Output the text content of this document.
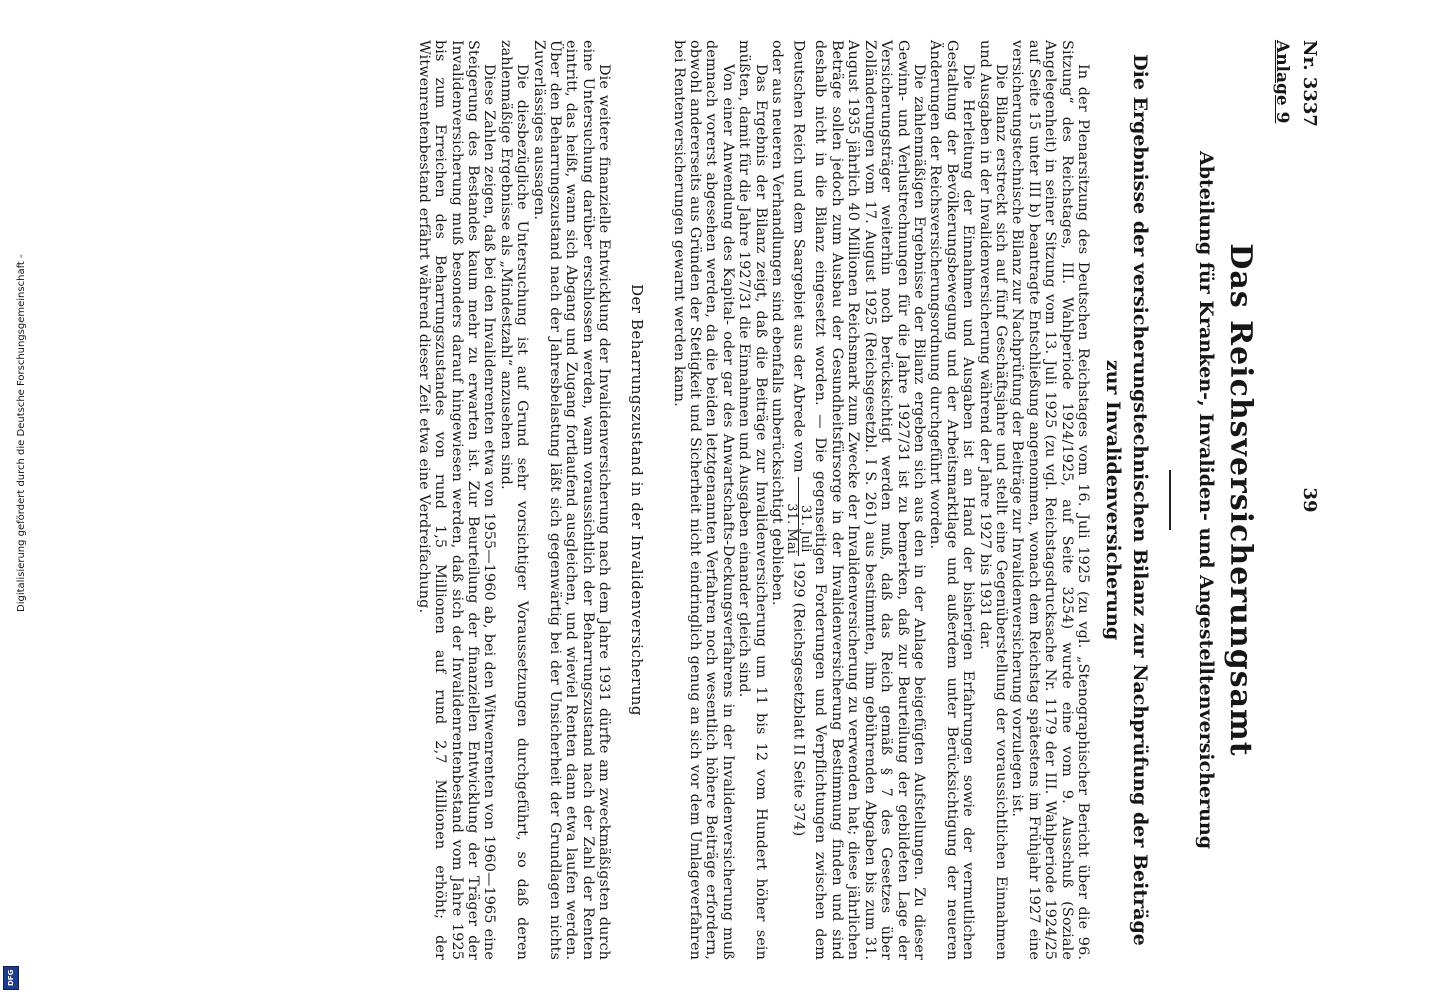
Nr. 3337
39
Anlage 9
Das Reichsversicherungsamt
Abteilung für Kranken-, Invaliden- und Angestelltenversicherung
Die Ergebnisse der versicherungstechnischen Bilanz zur Nachprüfung der Beiträge zur Invalidenversicherung

In der Plenarsitzung des Deutschen Reichstages vom 16. Juli 1925 (zu vgl. „Stenographischer Bericht über die 96. Sitzung“ des Reichstages, III. Wahlperiode 1924/1925, auf Seite 3254) wurde eine vom 9. Ausschuß (Soziale Angelegenheit) in seiner Sitzung vom 13. Juli 1925 (zu vgl. Reichstagsdrucksache Nr. 1179 der III. Wahlperiode 1924/25 auf Seite 15 unter III b) beantragte Entschließung angenommen, wonach dem Reichstag spätestens im Frühjahr 1927 eine versicherungstechnische Bilanz zur Nachprüfung der Beiträge zur Invalidenversicherung vorzulegen ist.

Die Bilanz erstreckt sich auf fünf Geschäftsjahre und stellt eine Gegenüberstellung der voraussichtlichen Einnahmen und Ausgaben in der Invalidenversicherung während der Jahre 1927 bis 1931 dar.

Die Herleitung der Einnahmen und Ausgaben ist an Hand der bisherigen Erfahrungen sowie der vermutlichen Gestaltung der Bevölkerungsbewegung und der Arbeitsmarktlage und außerdem unter Berücksichtigung der neueren Änderungen der Reichsversicherungsordnung durchgeführt worden.

Die zahlenmäßigen Ergebnisse der Bilanz ergeben sich aus den in der Anlage beigefügten Aufstellungen. Zu dieser Gewinn- und Verlustrechnungen für die Jahre 1927/31 ist zu bemerken, daß zur Beurteilung der gebildeten Lage der Versicherungsträger weiterhin noch berücksichtigt werden muß, daß das Reich gemäß § 7 des Gesetzes über Zolländerungen vom 17. August 1925 (Reichsgesetzbl. I S. 261) aus bestimmten, ihm gebührenden Abgaben bis zum 31. August 1935 jährlich 40 Millionen Reichsmark zum Zwecke der Invalidenversicherung zu verwenden hat; diese jährlichen Beträge sollen jedoch zum Ausbau der Gesundheitsfürsorge in der Invalidenversicherung Bestimmung finden und sind deshalb nicht in die Bilanz eingesetzt worden. — Die gegenseitigen Forderungen und Verpflichtungen zwischen dem Deutschen Reich und dem Saargebiet aus der Abrede vom
31. Juli
31. Mai
1929 (Reichsgesetzblatt II Seite 374)

oder aus neueren Verhandlungen sind ebenfalls unberücksichtigt geblieben.

Das Ergebnis der Bilanz zeigt, daß die Beiträge zur Invalidenversicherung um 11 bis 12 vom Hundert höher sein müßten, damit für die Jahre 1927/31 die Einnahmen und Ausgaben einander gleich sind.

Von einer Anwendung des Kapital- oder gar des Anwartschafts-Deckungsverfahrens in der Invalidenversicherung muß demnach vorerst abgesehen werden, da die beiden letztgenannten Verfahren noch wesentlich höhere Beiträge erfordern, obwohl andererseits aus Gründen der Stetigkeit und Sicherheit nicht eindringlich genug an sich vor dem Umlageverfahren bei Rentenversicherungen gewarnt werden kann.

Der Beharrungszustand in der Invalidenversicherung

Die weitere finanzielle Entwicklung der Invalidenversicherung nach dem Jahre 1931 dürfte am zweckmäßigsten durch eine Untersuchung darüber erschlossen werden, wann voraussichtlich der Beharrungszustand nach der Zahl der Renten eintritt, das heißt, wann sich Abgang und Zugang fortlaufend ausgleichen, und wieviel Renten dann etwa laufen werden. Über den Beharrungszustand nach der Jahresbelastung läßt sich gegenwärtig bei der Unsicherheit der Grundlagen nichts Zuverlässiges aussagen.

Die diesbezügliche Untersuchung ist auf Grund sehr vorsichtiger Voraussetzungen durchgeführt, so daß deren zahlenmäßige Ergebnisse als „Mindestzahl“ anzusehen sind.

Diese Zahlen zeigen, daß bei den Invalidenrenten etwa von 1955—1960 ab, bei den Witwenrenten von 1960—1965 eine Steigerung des Bestandes kaum mehr zu erwarten ist. Zur Beurteilung der finanziellen Entwicklung der Träger der Invalidenversicherung muß besonders darauf hingewiesen werden, daß sich der Invalidenrentenbestand vom Jahre 1925 bis zum Erreichen des Beharrungszustandes von rund 1,5 Millionen auf rund 2,7 Millionen erhöht; der Witwenrentenbestand erfährt während dieser Zeit etwa eine Verdreifachung.

Digitalisierung gefördert durch die Deutsche Forschungsgemeinschaft -
DFG
